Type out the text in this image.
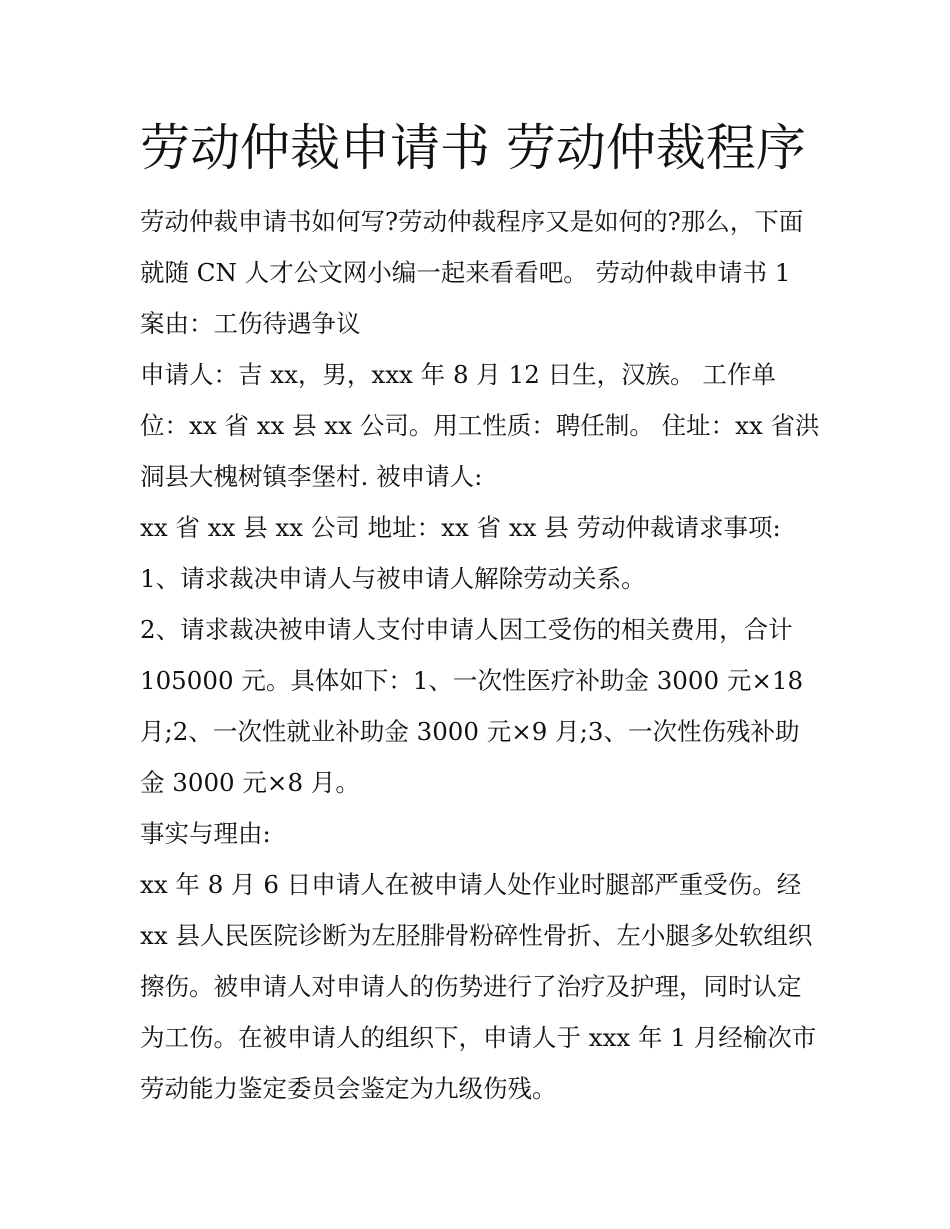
劳动仲裁申请书 劳动仲裁程序

劳动仲裁申请书如何写?劳动仲裁程序又是如何的?那么，下面就随 CN 人才公文网小编一起来看看吧。 劳动仲裁申请书 1 案由：工伤待遇争议

申请人：吉 xx，男，xxx 年 8 月 12 日生，汉族。 工作单位：xx 省 xx 县 xx 公司。用工性质：聘任制。 住址：xx 省洪洞县大槐树镇李堡村. 被申请人:

xx 省 xx 县 xx 公司 地址：xx 省 xx 县 劳动仲裁请求事项: 1、请求裁决申请人与被申请人解除劳动关系。

2、请求裁决被申请人支付申请人因工受伤的相关费用，合计 105000 元。具体如下：1、一次性医疗补助金 3000 元×18 月;2、一次性就业补助金 3000 元×9 月;3、一次性伤残补助金 3000 元×8 月。

事实与理由:

xx 年 8 月 6 日申请人在被申请人处作业时腿部严重受伤。经 xx 县人民医院诊断为左胫腓骨粉碎性骨折、左小腿多处软组织擦伤。被申请人对申请人的伤势进行了治疗及护理，同时认定为工伤。在被申请人的组织下，申请人于 xxx 年 1 月经榆次市劳动能力鉴定委员会鉴定为九级伤残。
